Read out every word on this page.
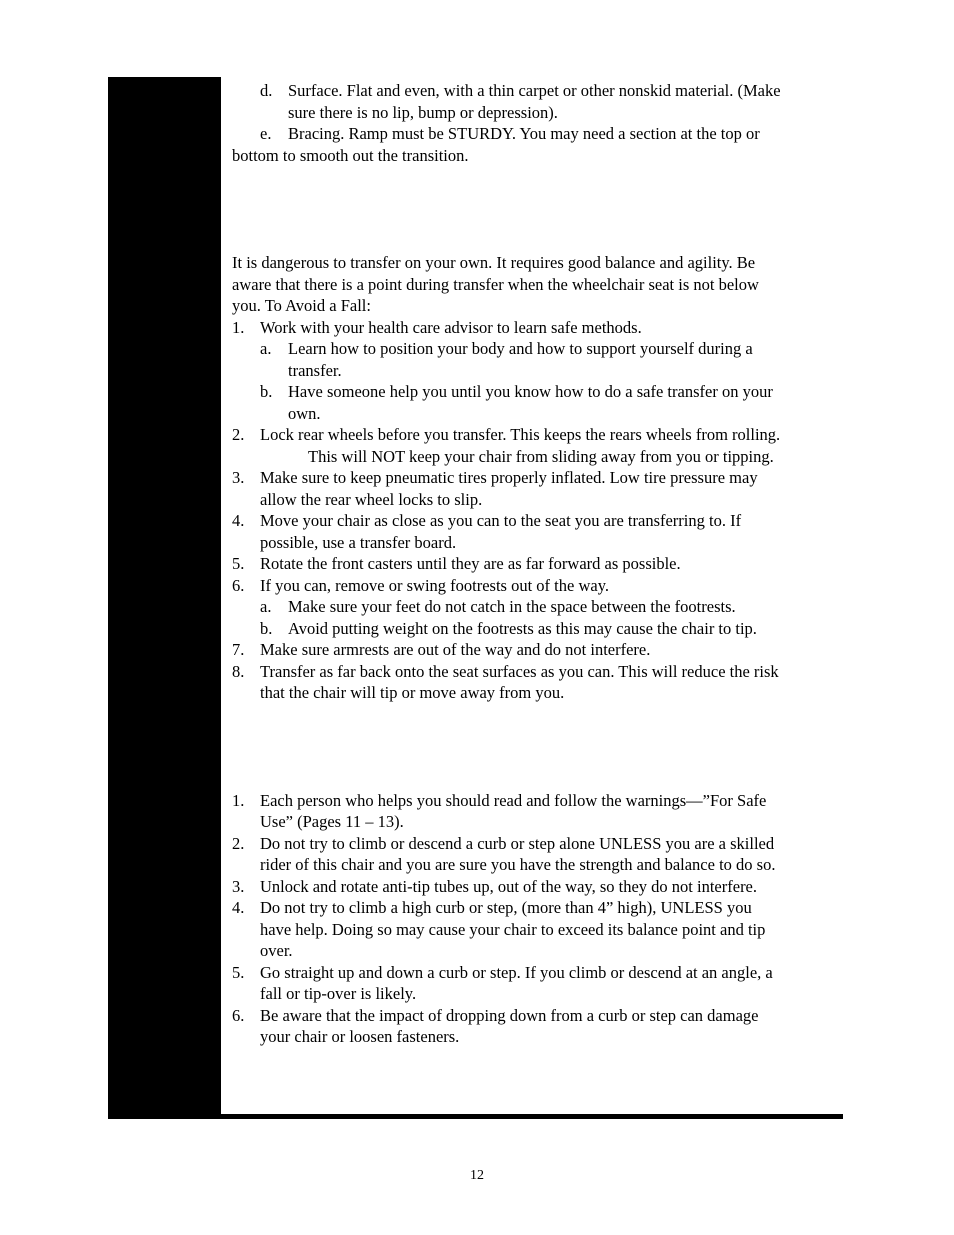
d. Surface. Flat and even, with a thin carpet or other nonskid material. (Make
sure there is no lip, bump or depression).
e. Bracing. Ramp must be STURDY. You may need a section at the top or
bottom to smooth out the transition.
It is dangerous to transfer on your own. It requires good balance and agility. Be
aware that there is a point during transfer when the wheelchair seat is not below
you. To Avoid a Fall:
1. Work with your health care advisor to learn safe methods.
a. Learn how to position your body and how to support yourself during a
transfer.
b. Have someone help you until you know how to do a safe transfer on your
own.
2. Lock rear wheels before you transfer. This keeps the rears wheels from rolling.
This will NOT keep your chair from sliding away from you or tipping.
3. Make sure to keep pneumatic tires properly inflated. Low tire pressure may
allow the rear wheel locks to slip.
4. Move your chair as close as you can to the seat you are transferring to. If
possible, use a transfer board.
5. Rotate the front casters until they are as far forward as possible.
6. If you can, remove or swing footrests out of the way.
a. Make sure your feet do not catch in the space between the footrests.
b. Avoid putting weight on the footrests as this may cause the chair to tip.
7. Make sure armrests are out of the way and do not interfere.
8. Transfer as far back onto the seat surfaces as you can. This will reduce the risk
that the chair will tip or move away from you.
1. Each person who helps you should read and follow the warnings—”For Safe
Use” (Pages 11 – 13).
2. Do not try to climb or descend a curb or step alone UNLESS you are a skilled
rider of this chair and you are sure you have the strength and balance to do so.
3. Unlock and rotate anti-tip tubes up, out of the way, so they do not interfere.
4. Do not try to climb a high curb or step, (more than 4” high), UNLESS you
have help. Doing so may cause your chair to exceed its balance point and tip
over.
5. Go straight up and down a curb or step. If you climb or descend at an angle, a
fall or tip-over is likely.
6. Be aware that the impact of dropping down from a curb or step can damage
your chair or loosen fasteners.
12
